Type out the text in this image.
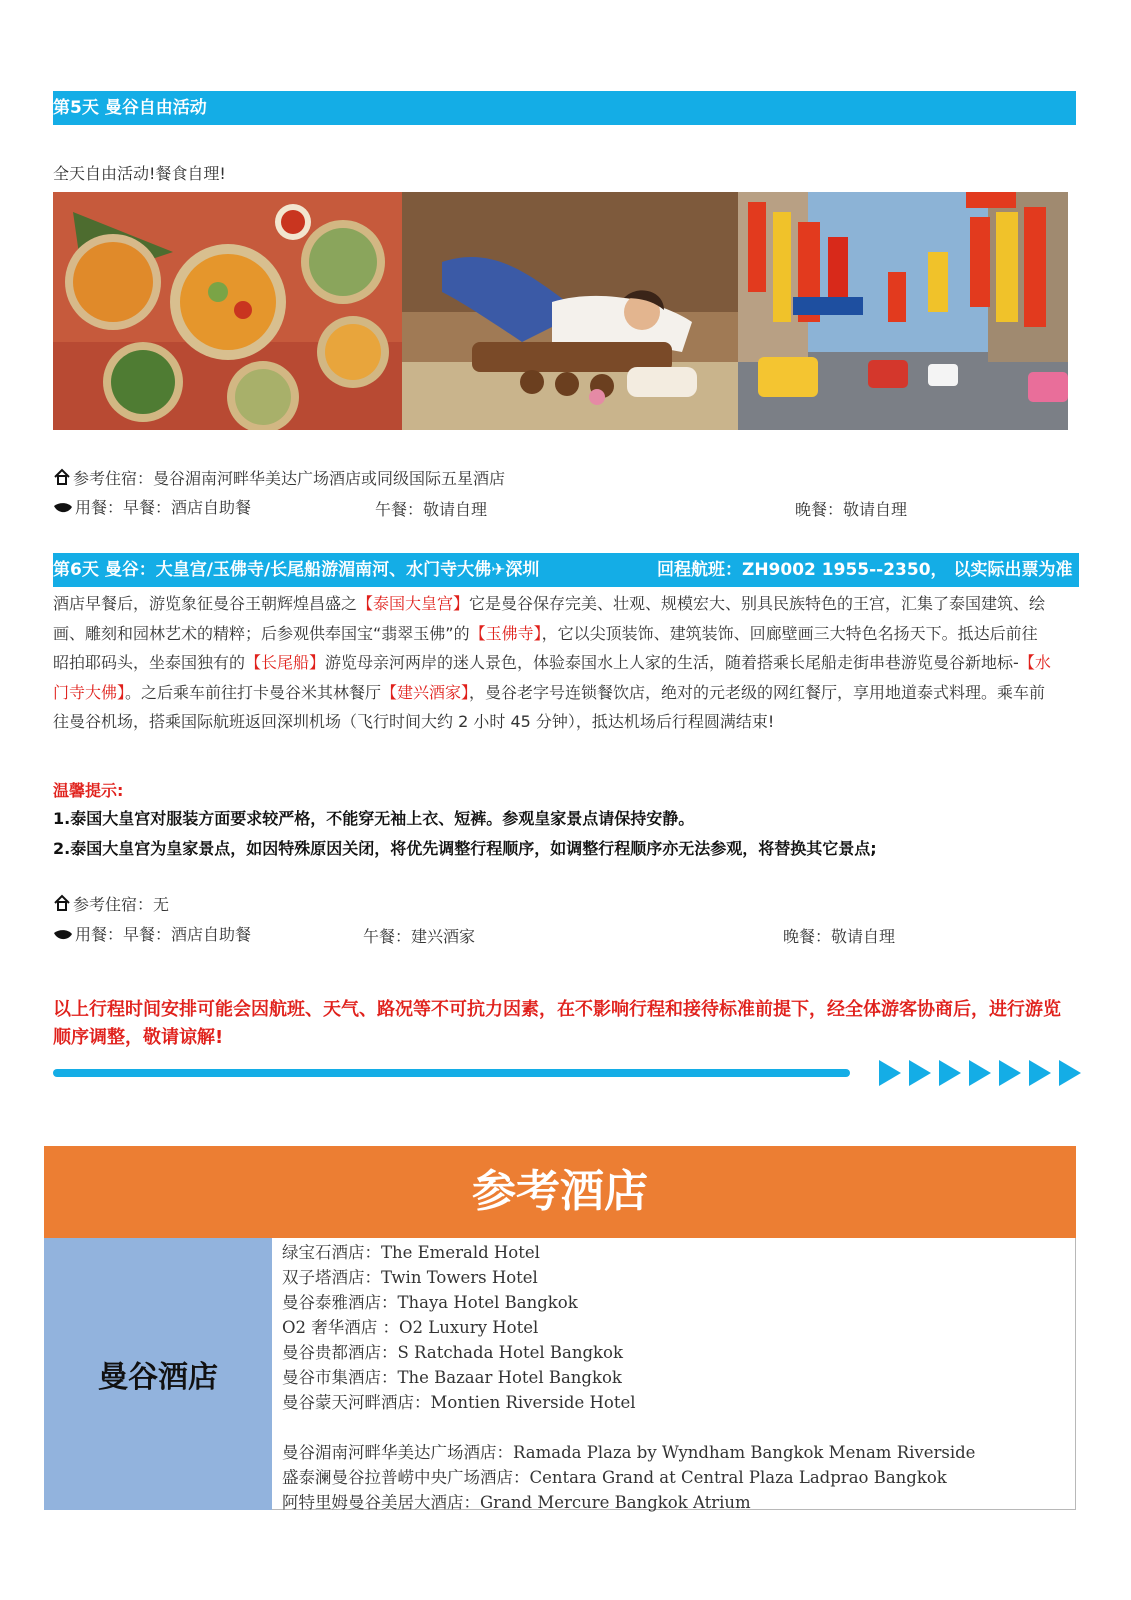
第5天 曼谷自由活动
全天自由活动!餐食自理!
参考住宿：曼谷湄南河畔华美达广场酒店或同级国际五星酒店
用餐：早餐：酒店自助餐	午餐：敬请自理	晚餐：敬请自理
第6天 曼谷：大皇宫/玉佛寺/长尾船游湄南河、水门寺大佛✈深圳	回程航班：ZH9002 1955--2350， 以实际出票为准

酒店早餐后，游览象征曼谷王朝辉煌昌盛之【泰国大皇宫】它是曼谷保存完美、壮观、规模宏大、别具民族特色的王宫，汇集了泰国建筑、绘画、雕刻和园林艺术的精粹；后参观供奉国宝“翡翠玉佛”的【玉佛寺】，它以尖顶装饰、建筑装饰、回廊壁画三大特色名扬天下。抵达后前往昭拍耶码头，坐泰国独有的【长尾船】游览母亲河两岸的迷人景色，体验泰国水上人家的生活，随着搭乘长尾船走街串巷游览曼谷新地标-【水门寺大佛】。之后乘车前往打卡曼谷米其林餐厅【建兴酒家】，曼谷老字号连锁餐饮店，绝对的元老级的网红餐厅，享用地道泰式料理。乘车前往曼谷机场，搭乘国际航班返回深圳机场（飞行时间大约 2 小时 45 分钟），抵达机场后行程圆满结束!

温馨提示:
1.泰国大皇宫对服装方面要求较严格，不能穿无袖上衣、短裤。参观皇家景点请保持安静。
2.泰国大皇宫为皇家景点，如因特殊原因关闭，将优先调整行程顺序，如调整行程顺序亦无法参观，将替换其它景点;
参考住宿：无
用餐：早餐：酒店自助餐	午餐：建兴酒家	晚餐：敬请自理

以上行程时间安排可能会因航班、天气、路况等不可抗力因素，在不影响行程和接待标准前提下，经全体游客协商后，进行游览顺序调整，敬请谅解!

参考酒店
曼谷酒店
绿宝石酒店：The Emerald Hotel
双子塔酒店：Twin Towers Hotel
曼谷泰雅酒店：Thaya Hotel Bangkok
O2 奢华酒店 ：O2 Luxury Hotel
曼谷贵都酒店：S Ratchada Hotel Bangkok
曼谷市集酒店：The Bazaar Hotel Bangkok
曼谷蒙天河畔酒店：Montien Riverside Hotel
曼谷湄南河畔华美达广场酒店：Ramada Plaza by Wyndham Bangkok Menam Riverside
盛泰澜曼谷拉普崂中央广场酒店：Centara Grand at Central Plaza Ladprao Bangkok
阿特里姆曼谷美居大酒店：Grand Mercure Bangkok Atrium
